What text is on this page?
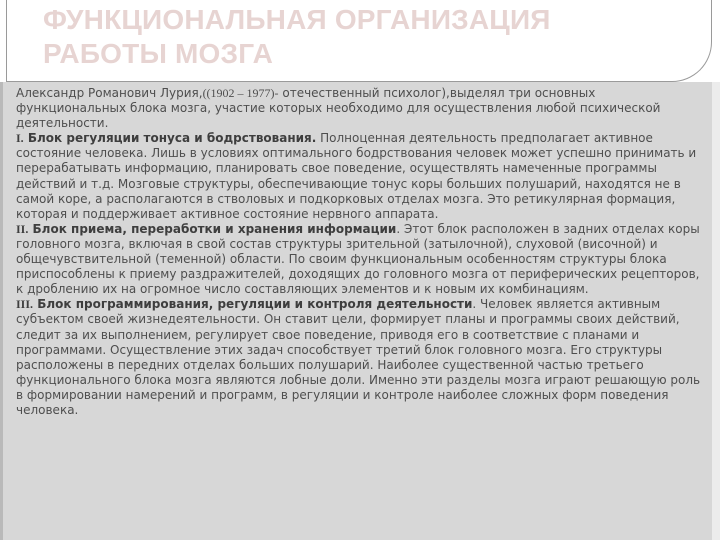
ФУНКЦИОНАЛЬНАЯ ОРГАНИЗАЦИЯ РАБОТЫ МОЗГА

Александр Романович Лурия,((1902 – 1977)- отечественный психолог),выделял три основных функциональных блока мозга, участие которых необходимо для осуществления любой психической деятельности.

I. Блок регуляции тонуса и бодрствования. Полноценная деятельность предполагает активное состояние человека. Лишь в условиях оптимального бодрствования человек может успешно принимать и перерабатывать информацию, планировать свое поведение, осуществлять намеченные программы действий и т.д. Мозговые структуры, обеспечивающие тонус коры больших полушарий, находятся не в самой коре, а располагаются в стволовых и подкорковых отделах мозга. Это ретикулярная формация, которая и поддерживает активное состояние нервного аппарата.

II. Блок приема, переработки и хранения информации. Этот блок расположен в задних отделах коры головного мозга, включая в свой состав структуры зрительной (затылочной), слуховой (височной) и общечувствительной (теменной) области. По своим функциональным особенностям структуры блока приспособлены к приему раздражителей, доходящих до головного мозга от периферических рецепторов, к дроблению их на огромное число составляющих элементов и к новым их комбинациям.

III. Блок программирования, регуляции и контроля деятельности. Человек является активным субъектом своей жизнедеятельности. Он ставит цели, формирует планы и программы своих действий, следит за их выполнением, регулирует свое поведение, приводя его в соответствие с планами и программами. Осуществление этих задач способствует третий блок головного мозга. Его структуры расположены в передних отделах больших полушарий. Наиболее существенной частью третьего функционального блока мозга являются лобные доли. Именно эти разделы мозга играют решающую роль в формировании намерений и программ, в регуляции и контроле наиболее сложных форм поведения человека.
